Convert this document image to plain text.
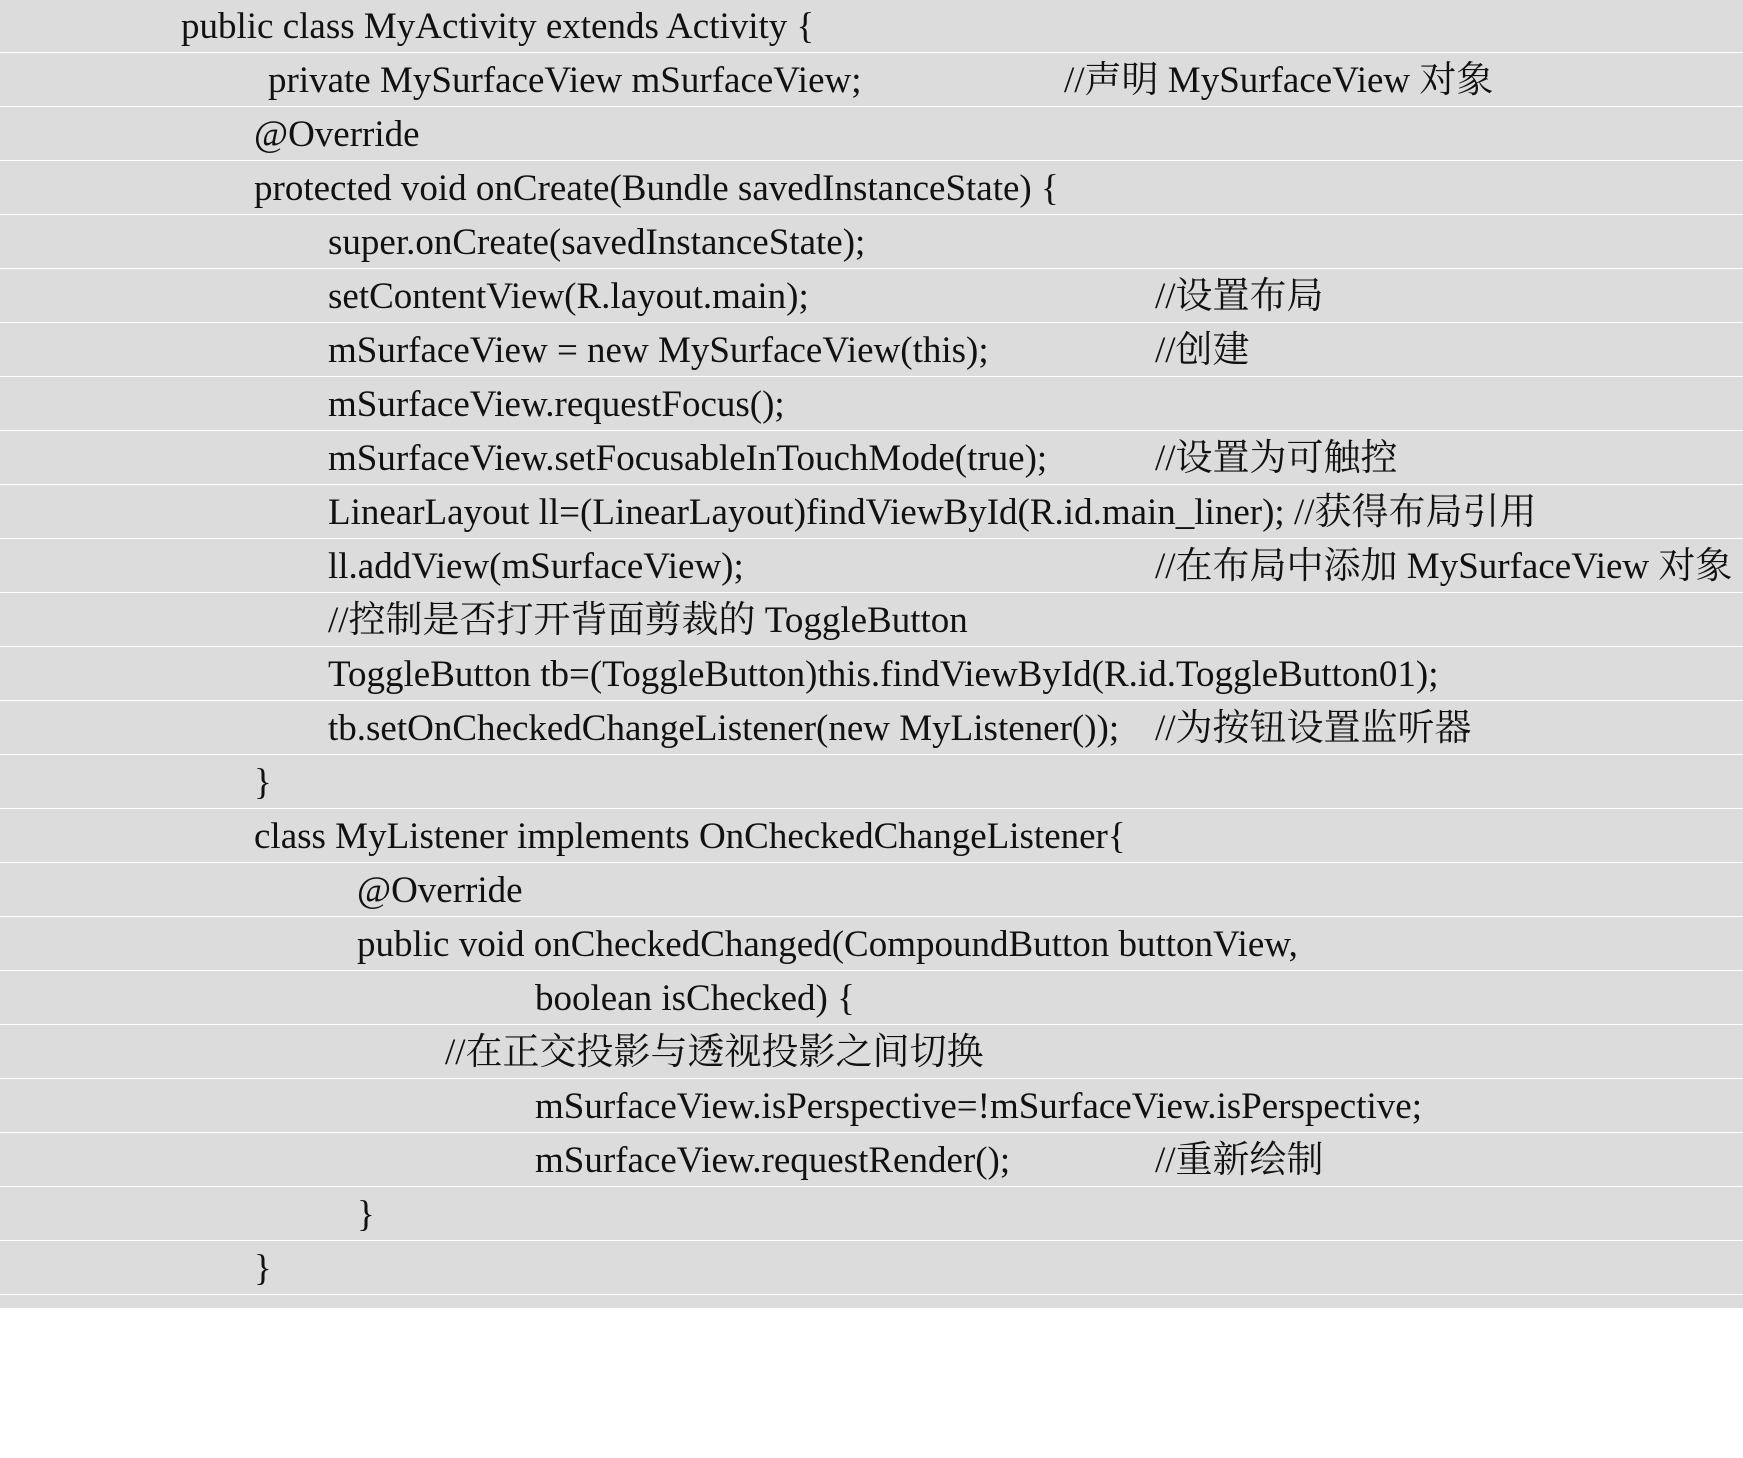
public class MyActivity extends Activity {

private MySurfaceView mSurfaceView;

	//声明 MySurfaceView 对象

@Override

protected void onCreate(Bundle savedInstanceState) {

super.onCreate(savedInstanceState);

setContentView(R.layout.main);

	//设置布局

mSurfaceView = new MySurfaceView(this);

	//创建

mSurfaceView.requestFocus();

mSurfaceView.setFocusableInTouchMode(true);

	//设置为可触控

LinearLayout ll=(LinearLayout)findViewById(R.id.main_liner); //获得布局引用

ll.addView(mSurfaceView);

	//在布局中添加 MySurfaceView 对象

//控制是否打开背面剪裁的 ToggleButton

ToggleButton tb=(ToggleButton)this.findViewById(R.id.ToggleButton01);

tb.setOnCheckedChangeListener(new MyListener());

//为按钮设置监听器

}

class MyListener implements OnCheckedChangeListener{

@Override

public void onCheckedChanged(CompoundButton buttonView,

boolean isChecked) {

//在正交投影与透视投影之间切换

mSurfaceView.isPerspective=!mSurfaceView.isPerspective;

mSurfaceView.requestRender();

	//重新绘制

}

}
